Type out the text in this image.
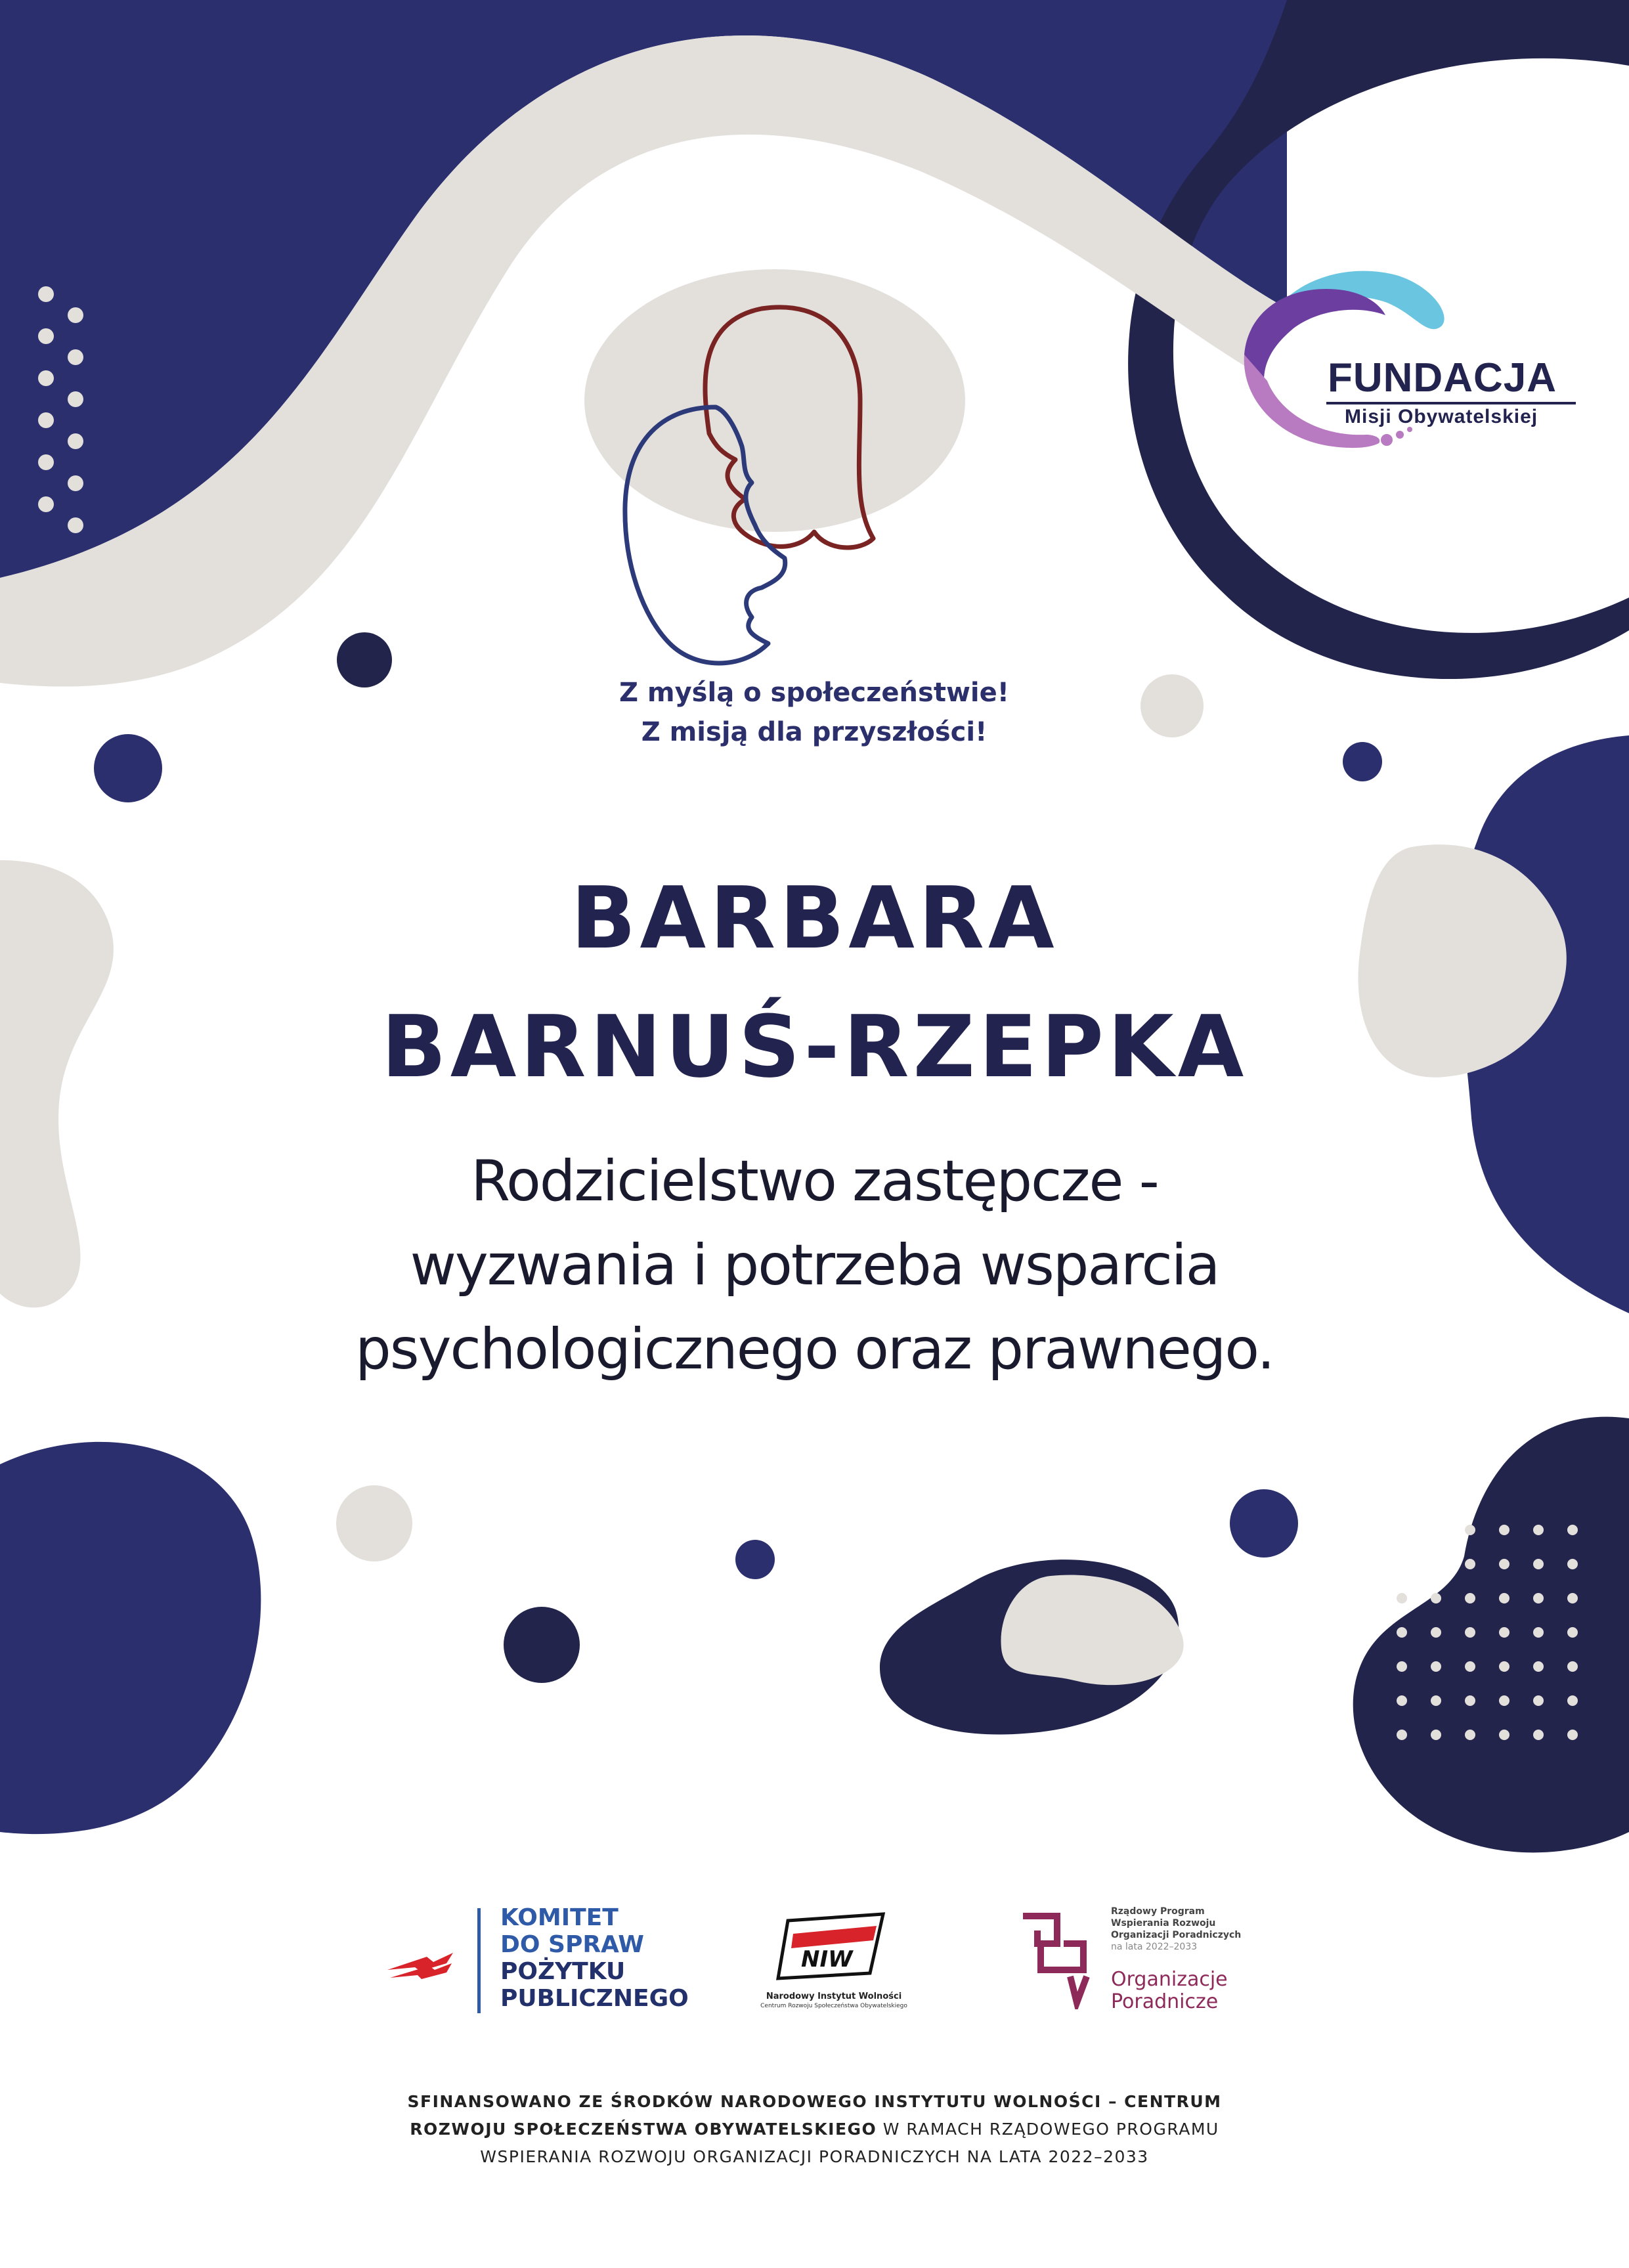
Z myślą o społeczeństwie!
Z misją dla przyszłości!
FUNDACJA
Misji Obywatelskiej
BARBARA
BARNUŚ-RZEPKA
Rodzicielstwo zastępcze -
wyzwania i potrzeba wsparcia
psychologicznego oraz prawnego.
KOMITET
DO SPRAW
POŻYTKU
PUBLICZNEGO
NIW
Narodowy Instytut Wolności
Centrum Rozwoju Społeczeństwa Obywatelskiego
Rządowy Program
Wspierania Rozwoju
Organizacji Poradniczych
na lata 2022–2033
Organizacje
Poradnicze
SFINANSOWANO ZE ŚRODKÓW NARODOWEGO INSTYTUTU WOLNOŚCI – CENTRUM
ROZWOJU SPOŁECZEŃSTWA OBYWATELSKIEGO W RAMACH RZĄDOWEGO PROGRAMU
WSPIERANIA ROZWOJU ORGANIZACJI PORADNICZYCH NA LATA 2022–2033
